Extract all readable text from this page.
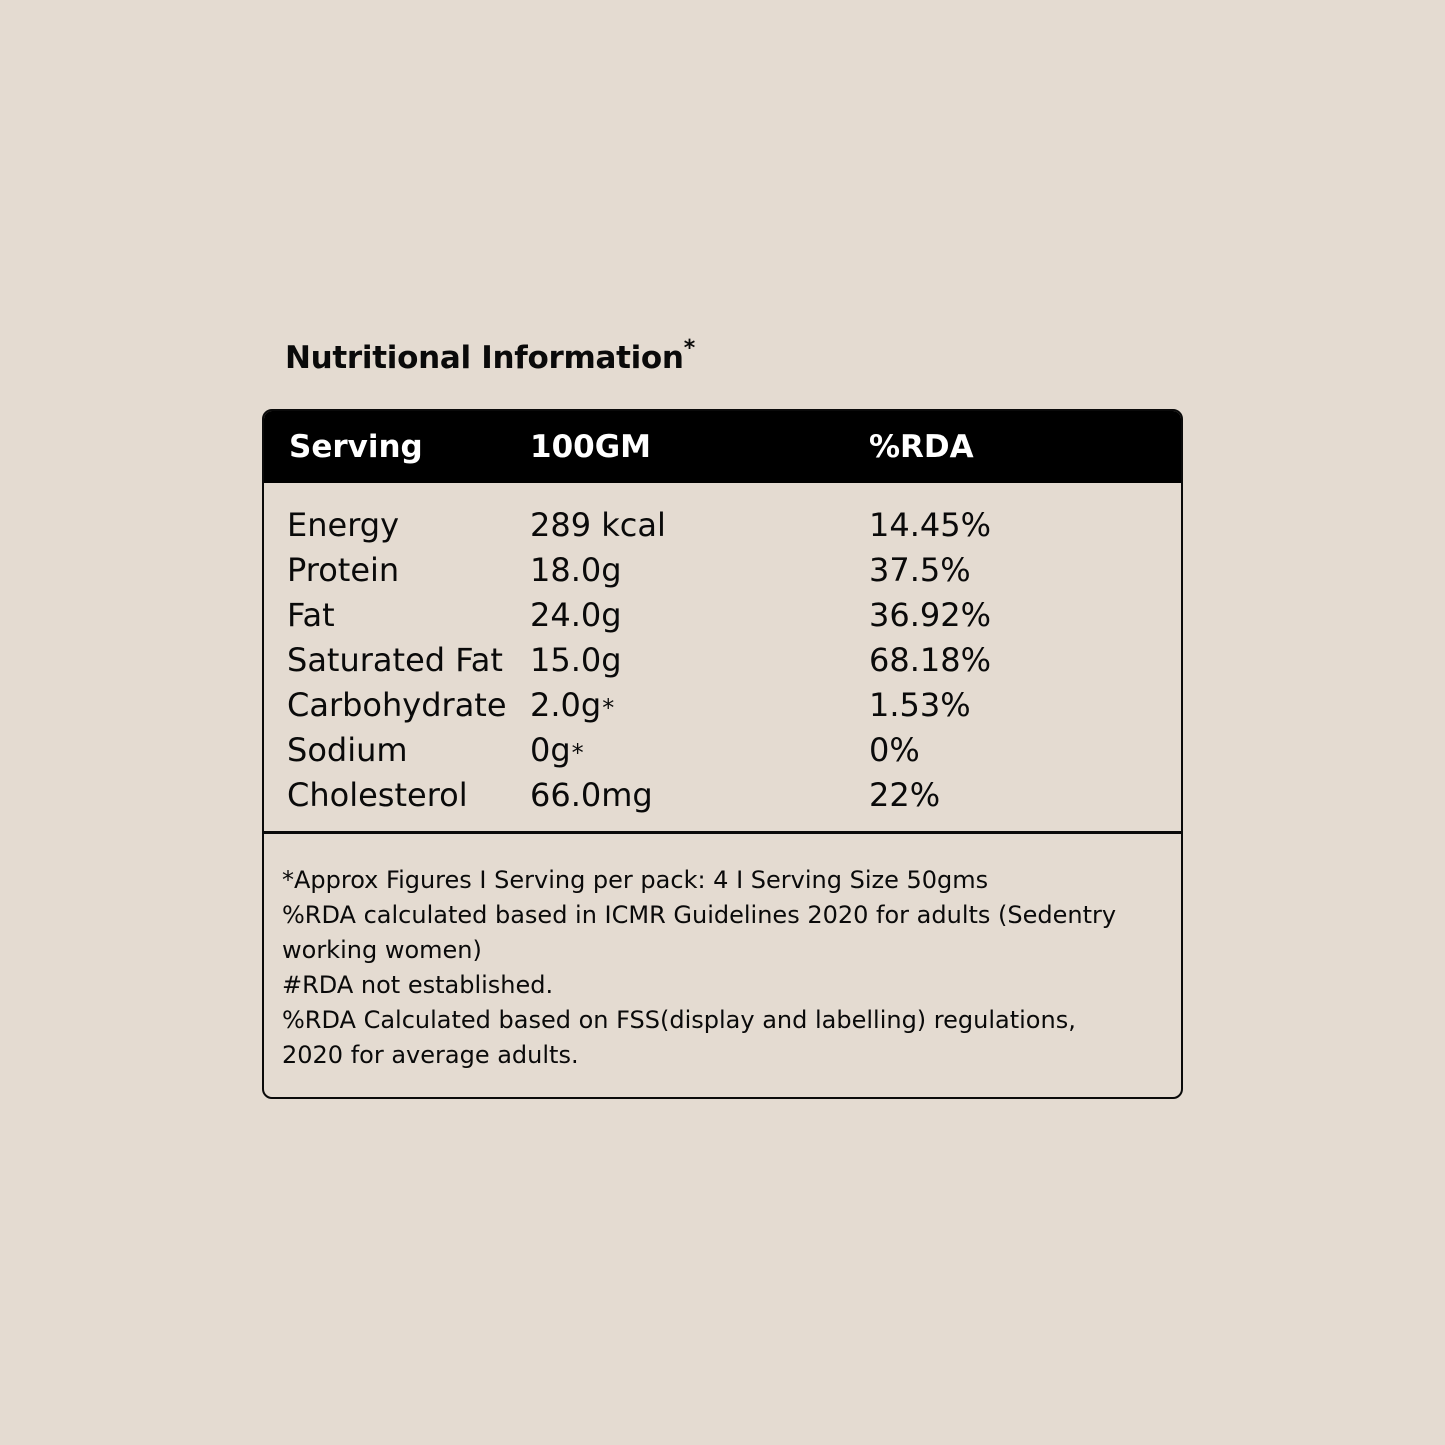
Nutritional Information*
Serving	100GM	%RDA
Energy	289 kcal	14.45%
Protein	18.0g	37.5%
Fat	24.0g	36.92%
Saturated Fat 15.0g	68.18%
Carbohydrate 2.0g*	1.53%
Sodium	0g*	0%
Cholesterol 66.0mg	22%
*Approx Figures I Serving per pack: 4 I Serving Size 50gms
%RDA calculated based in ICMR Guidelines 2020 for adults (Sedentry
working women)
#RDA not established.
%RDA Calculated based on FSS(display and labelling) regulations,
2020 for average adults.
